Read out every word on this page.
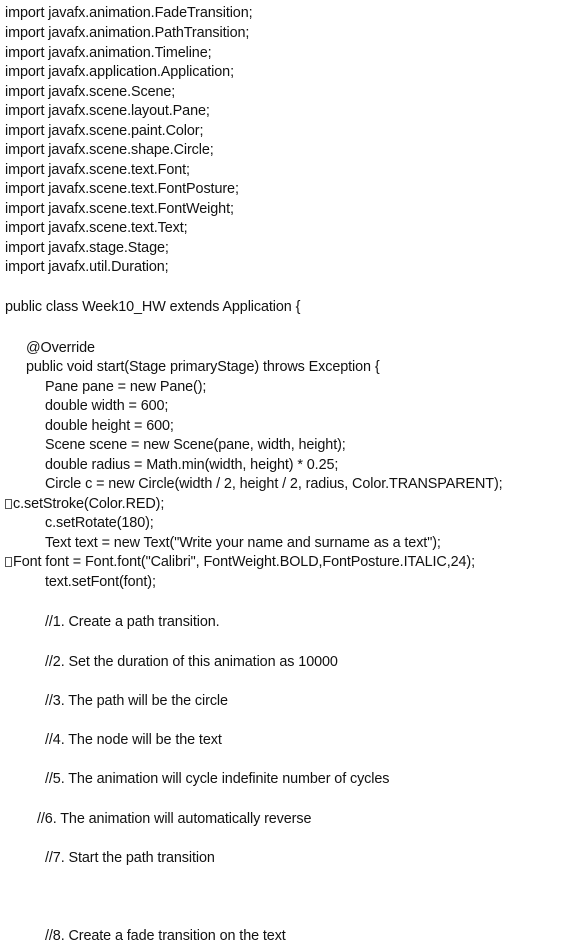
import javafx.animation.FadeTransition;
import javafx.animation.PathTransition;
import javafx.animation.Timeline;
import javafx.application.Application;
import javafx.scene.Scene;
import javafx.scene.layout.Pane;
import javafx.scene.paint.Color;
import javafx.scene.shape.Circle;
import javafx.scene.text.Font;
import javafx.scene.text.FontPosture;
import javafx.scene.text.FontWeight;
import javafx.scene.text.Text;
import javafx.stage.Stage;
import javafx.util.Duration;
public class Week10_HW extends Application {
@Override
public void start(Stage primaryStage) throws Exception {
Pane pane = new Pane();
double width = 600;
double height = 600;
Scene scene = new Scene(pane, width, height);
double radius = Math.min(width, height) * 0.25;
Circle c = new Circle(width / 2, height / 2, radius, Color.TRANSPARENT);
c.setStroke(Color.RED);
c.setRotate(180);
Text text = new Text("Write your name and surname as a text");
Font font = Font.font("Calibri", FontWeight.BOLD,FontPosture.ITALIC,24);
text.setFont(font);
//1. Create a path transition.
//2. Set the duration of this animation as 10000
//3. The path will be the circle
//4. The node will be the text
//5. The animation will cycle indefinite number of cycles
//6. The animation will automatically reverse
//7. Start the path transition
//8. Create a fade transition on the text
